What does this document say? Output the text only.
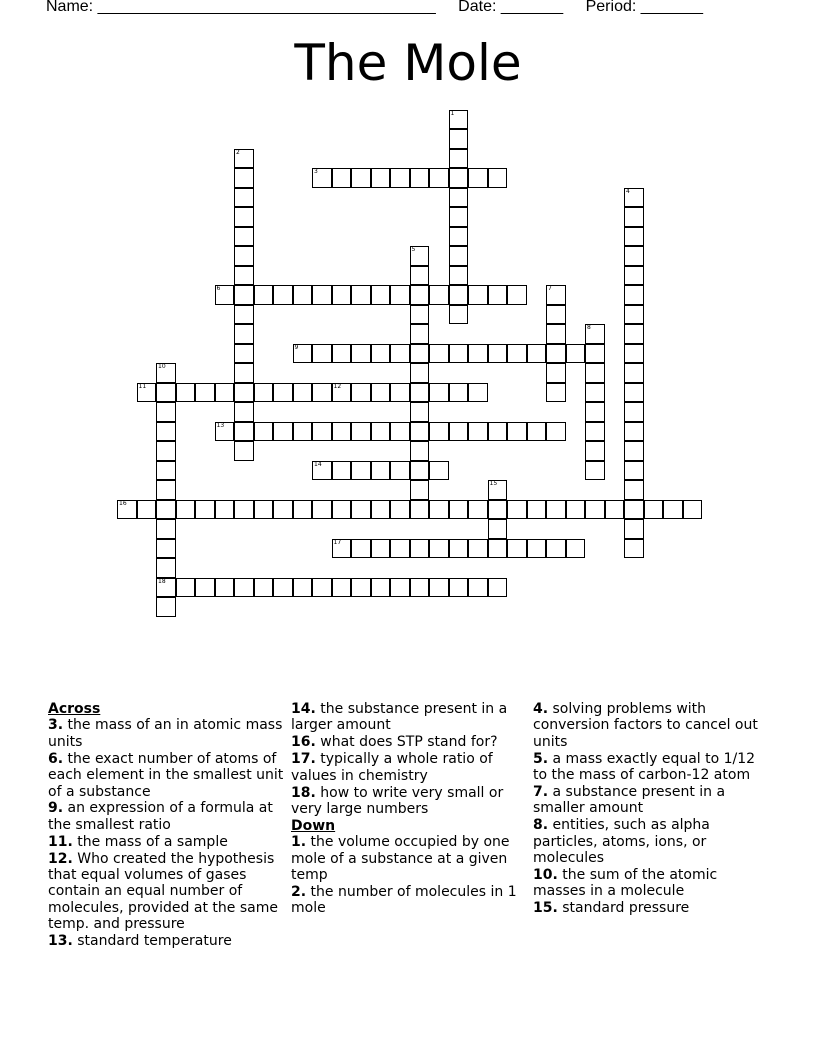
Name: ______________________________________ Date: _______ Period: _______
The Mole
1
2
3
4
5
6	7
8
9
10
18
11	12
13
14
15
16
17
Across
3. the mass of an in atomic mass units
6. the exact number of atoms of each element in the smallest unit of a substance
9. an expression of a formula at the smallest ratio
11. the mass of a sample
12. Who created the hypothesis that equal volumes of gases contain an equal number of molecules, provided at the same temp. and pressure
13. standard temperature
14. the substance present in a larger amount
16. what does STP stand for?
17. typically a whole ratio of values in chemistry
18. how to write very small or very large numbers
Down
1. the volume occupied by one mole of a substance at a given temp
2. the number of molecules in 1 mole
4. solving problems with conversion factors to cancel out units
5. a mass exactly equal to 1/12 to the mass of carbon-12 atom
7. a substance present in a smaller amount
8. entities, such as alpha particles, atoms, ions, or molecules
10. the sum of the atomic masses in a molecule
15. standard pressure
